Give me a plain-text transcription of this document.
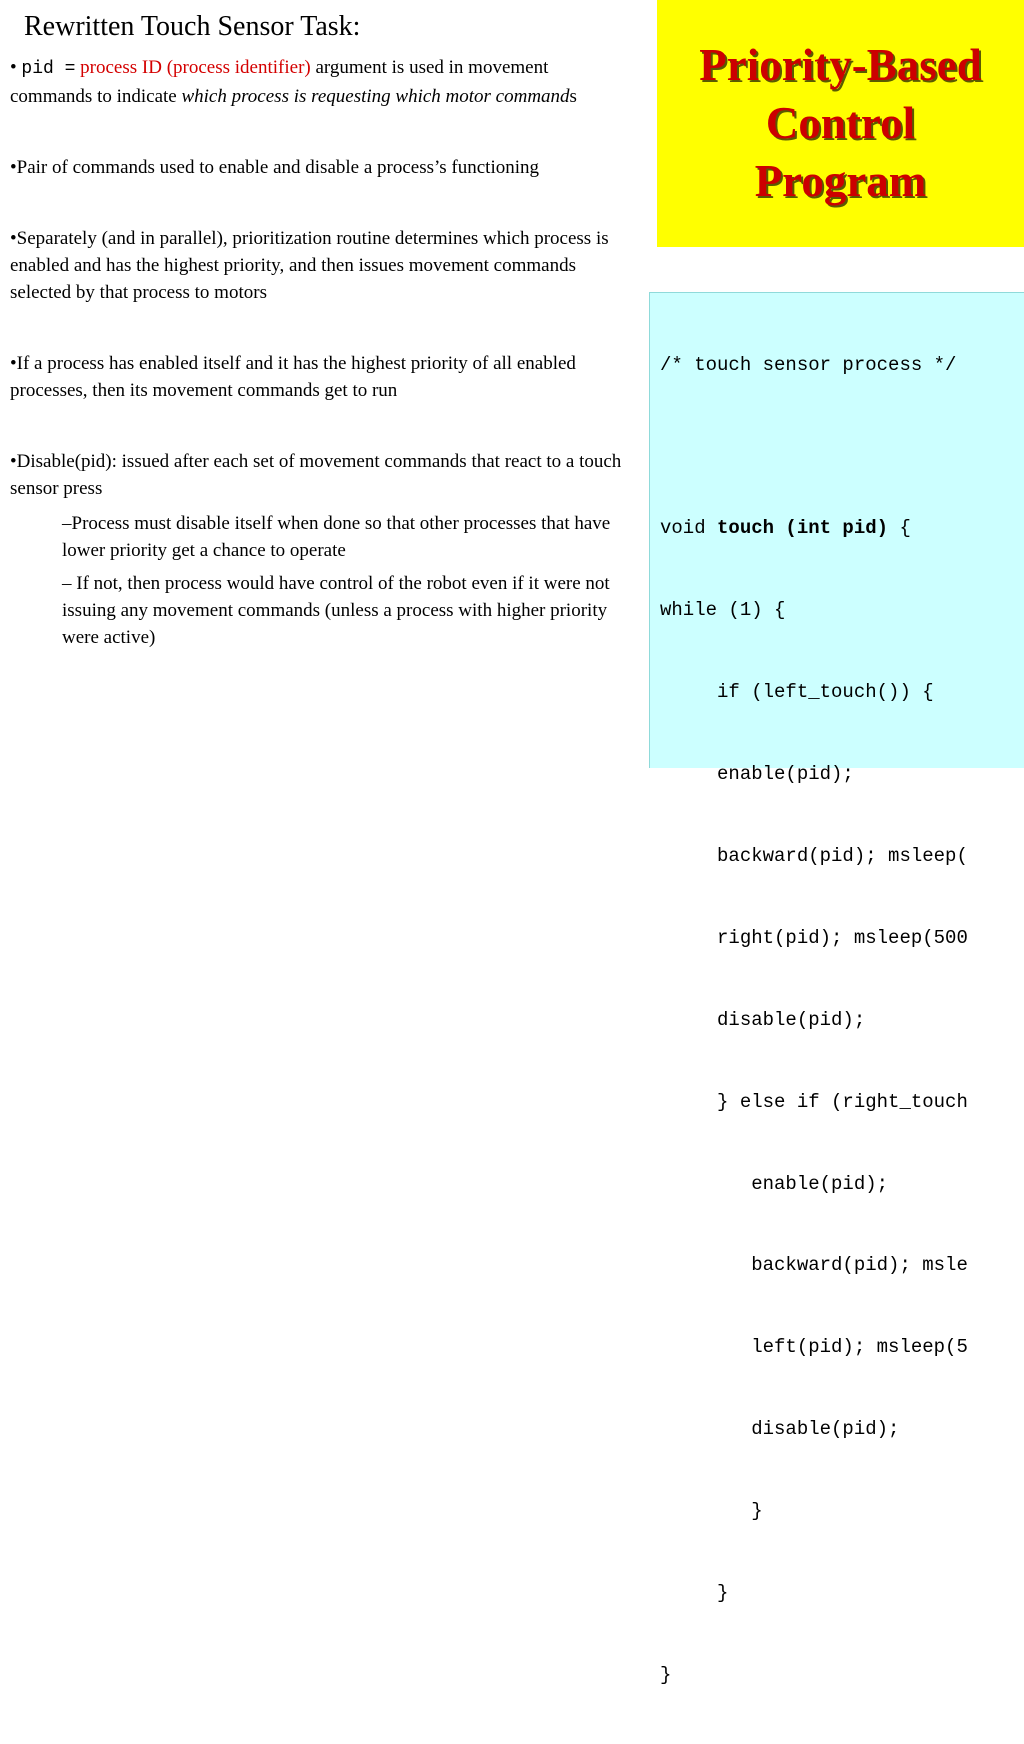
Rewritten Touch Sensor Task:

• pid = process ID (process identifier) argument is used in movement commands to indicate which process is requesting which motor commands

•Pair of commands used to enable and disable a process’s functioning

•Separately (and in parallel), prioritization routine determines which process is enabled and has the highest priority, and then issues movement commands selected by that process to motors

•If a process has enabled itself and it has the highest priority of all enabled processes, then its movement commands get to run

•Disable(pid): issued after each set of movement commands that react to a touch sensor press

–Process must disable itself when done so that other processes that have lower priority get a chance to operate

– If not, then process would have control of the robot even if it were not issuing any movement commands (unless a process with higher priority were active)

Priority-Based
Control
Program

/* touch sensor process */

void touch (int pid) {

while (1) {

if (left_touch()) {

enable(pid);

backward(pid); msleep(

right(pid); msleep(500

disable(pid);

} else if (right_touch

enable(pid);

backward(pid); msle

left(pid); msleep(5

disable(pid);

}

}

}
